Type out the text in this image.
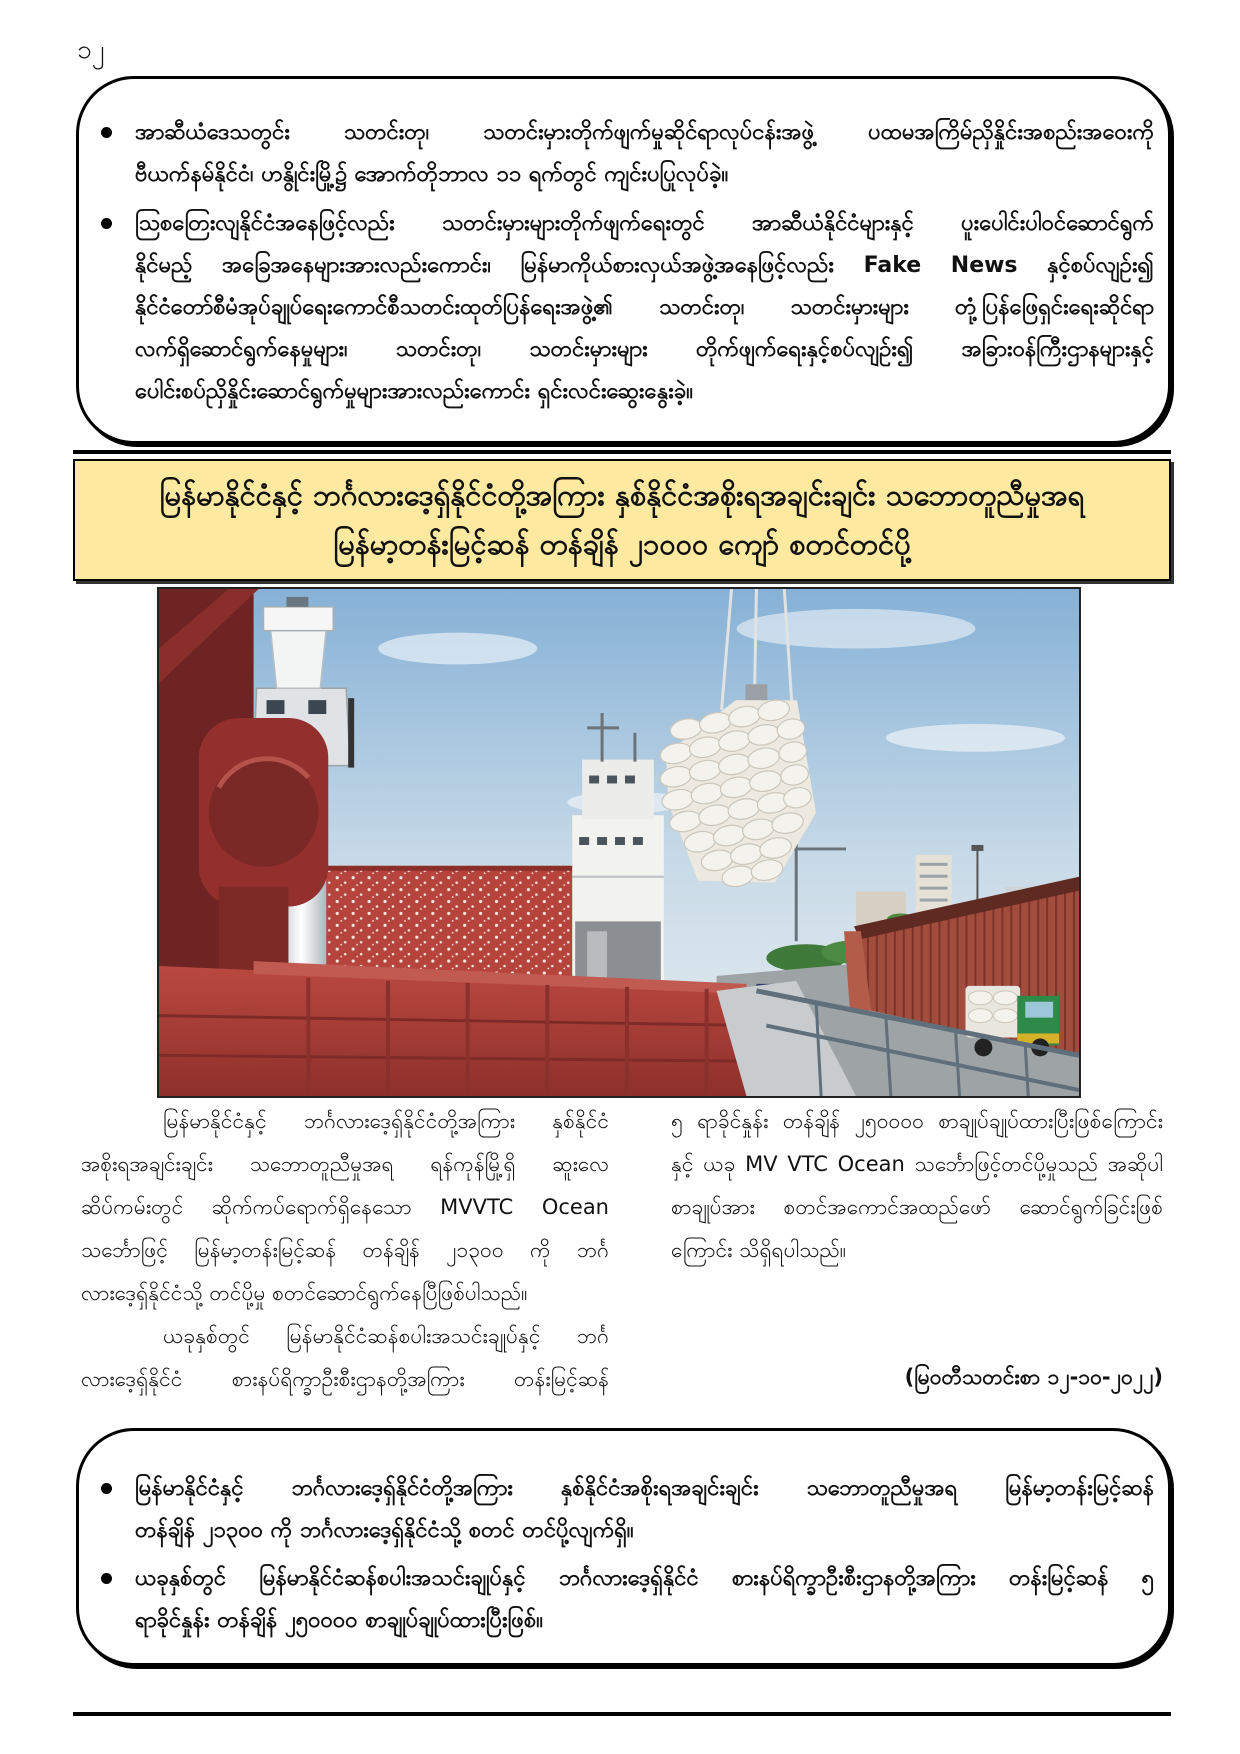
၁၂
အာဆီယံဒေသတွင်း သတင်းတု၊ သတင်းမှားတိုက်ဖျက်မှုဆိုင်ရာလုပ်ငန်းအဖွဲ့ ပထမအကြိမ်ညှိနှိုင်းအစည်းအဝေးကို
ဗီယက်နမ်နိုင်ငံ၊ ဟနွိုင်းမြို့၌ အောက်တိုဘာလ ၁၁ ရက်တွင် ကျင်းပပြုလုပ်ခဲ့။
ဩစတြေးလျနိုင်ငံအနေဖြင့်လည်း သတင်းမှားများတိုက်ဖျက်ရေးတွင် အာဆီယံနိုင်ငံများနှင့် ပူးပေါင်းပါဝင်ဆောင်ရွက်
နိုင်မည့် အခြေအနေများအားလည်းကောင်း၊ မြန်မာကိုယ်စားလှယ်အဖွဲ့အနေဖြင့်လည်း Fake News နှင့်စပ်လျဉ်း၍
နိုင်ငံတော်စီမံအုပ်ချုပ်ရေးကောင်စီသတင်းထုတ်ပြန်ရေးအဖွဲ့၏ သတင်းတု၊ သတင်းမှားများ တုံ့ပြန်ဖြေရှင်းရေးဆိုင်ရာ
လက်ရှိဆောင်ရွက်နေမှုများ၊ သတင်းတု၊ သတင်းမှားများ တိုက်ဖျက်ရေးနှင့်စပ်လျဉ်း၍ အခြားဝန်ကြီးဌာနများနှင့်
ပေါင်းစပ်ညှိနှိုင်းဆောင်ရွက်မှုများအားလည်းကောင်း ရှင်းလင်းဆွေးနွေးခဲ့။
မြန်မာနိုင်ငံနှင့် ဘင်္ဂလားဒေ့ရှ်နိုင်ငံတို့အကြား နှစ်နိုင်ငံအစိုးရအချင်းချင်း သဘောတူညီမှုအရ
မြန်မာ့တန်းမြင့်ဆန် တန်ချိန် ၂၁၀၀၀ ကျော် စတင်တင်ပို့
မြန်မာနိုင်ငံနှင့် ဘင်္ဂလားဒေ့ရှ်နိုင်ငံတို့အကြား နှစ်နိုင်ငံ
အစိုးရအချင်းချင်း သဘောတူညီမှုအရ ရန်ကုန်မြို့ရှိ ဆူးလေ
ဆိပ်ကမ်းတွင် ဆိုက်ကပ်ရောက်ရှိနေသော MVVTC Ocean
သင်္ဘောဖြင့် မြန်မာ့တန်းမြင့်ဆန် တန်ချိန် ၂၁၃၀၀ ကို ဘင်္ဂ
လားဒေ့ရှ်နိုင်ငံသို့ တင်ပို့မှု စတင်ဆောင်ရွက်နေပြီဖြစ်ပါသည်။
ယခုနှစ်တွင် မြန်မာနိုင်ငံဆန်စပါးအသင်းချုပ်နှင့် ဘင်္ဂ
လားဒေ့ရှ်နိုင်ငံ စားနပ်ရိက္ခာဦးစီးဌာနတို့အကြား တန်းမြင့်ဆန်
၅ ရာခိုင်နှုန်း တန်ချိန် ၂၅၀၀၀၀ စာချုပ်ချုပ်ထားပြီးဖြစ်ကြောင်း
နှင့် ယခု MV VTC Ocean သင်္ဘောဖြင့်တင်ပို့မှုသည် အဆိုပါ
စာချုပ်အား စတင်အကောင်အထည်ဖော် ဆောင်ရွက်ခြင်းဖြစ်
ကြောင်း သိရှိရပါသည်။
(မြဝတီသတင်းစာ ၁၂-၁၀-၂၀၂၂)
မြန်မာနိုင်ငံနှင့် ဘင်္ဂလားဒေ့ရှ်နိုင်ငံတို့အကြား နှစ်နိုင်ငံအစိုးရအချင်းချင်း သဘောတူညီမှုအရ မြန်မာ့တန်းမြင့်ဆန်
တန်ချိန် ၂၁၃၀၀ ကို ဘင်္ဂလားဒေ့ရှ်နိုင်ငံသို့ စတင် တင်ပို့လျက်ရှိ။
ယခုနှစ်တွင် မြန်မာနိုင်ငံဆန်စပါးအသင်းချုပ်နှင့် ဘင်္ဂလားဒေ့ရှ်နိုင်ငံ စားနပ်ရိက္ခာဦးစီးဌာနတို့အကြား တန်းမြင့်ဆန် ၅
ရာခိုင်နှုန်း တန်ချိန် ၂၅၀၀၀၀ စာချုပ်ချုပ်ထားပြီးဖြစ်။
